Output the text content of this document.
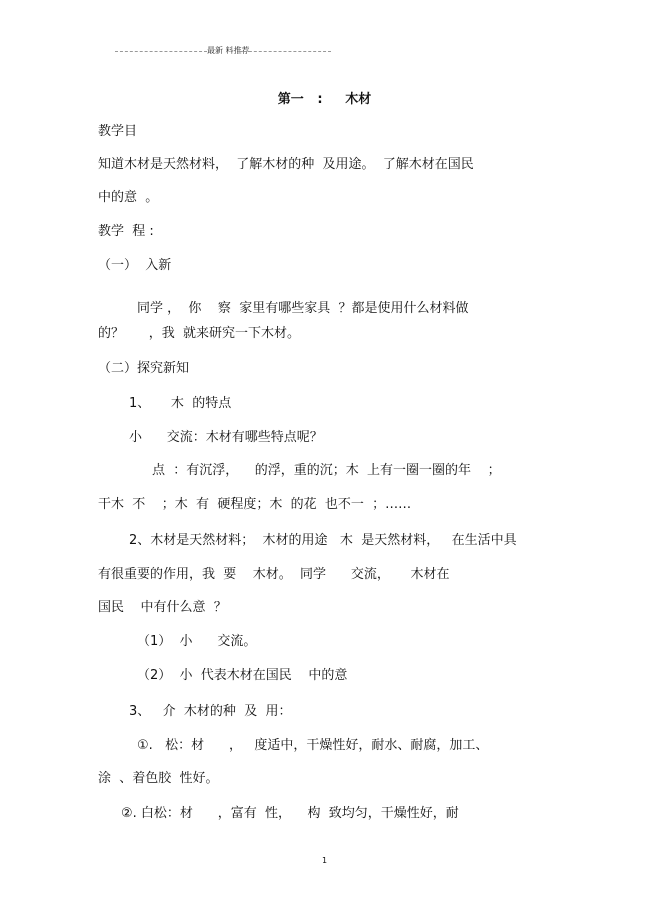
最新 料推荐
第一   :     木材
教学目
知道木材是天然材料，  了解木材的种  及用途。  了解木材在国民
中的意  。
教学  程 :
（一）  入新
同学 ，  你    察  家里有哪些家具  ？都是使用什么材料做
的？      ，我  就来研究一下木材。
（二）探究新知
1、     木  的特点
小      交流：木材有哪些特点呢？
点  ：有沉浮，    的浮，重的沉；木  上有一圈一圈的年    ；
干木  不    ；木  有  硬程度；木  的花  也不一  ；……
2、木材是天然材料；  木材的用途   木  是天然材料，   在生活中具
有很重要的作用，我  要    木材。  同学      交流，     木材在
国民    中有什么意  ？
（1）  小      交流。
（2）  小  代表木材在国民    中的意
3、   介  木材的种  及  用：
①.   松：材      ，   度适中，干燥性好，耐水、耐腐，加工、
涂  、着色胶  性好。
②. 白松：材      ，富有  性，    构  致均匀，干燥性好，耐
1
